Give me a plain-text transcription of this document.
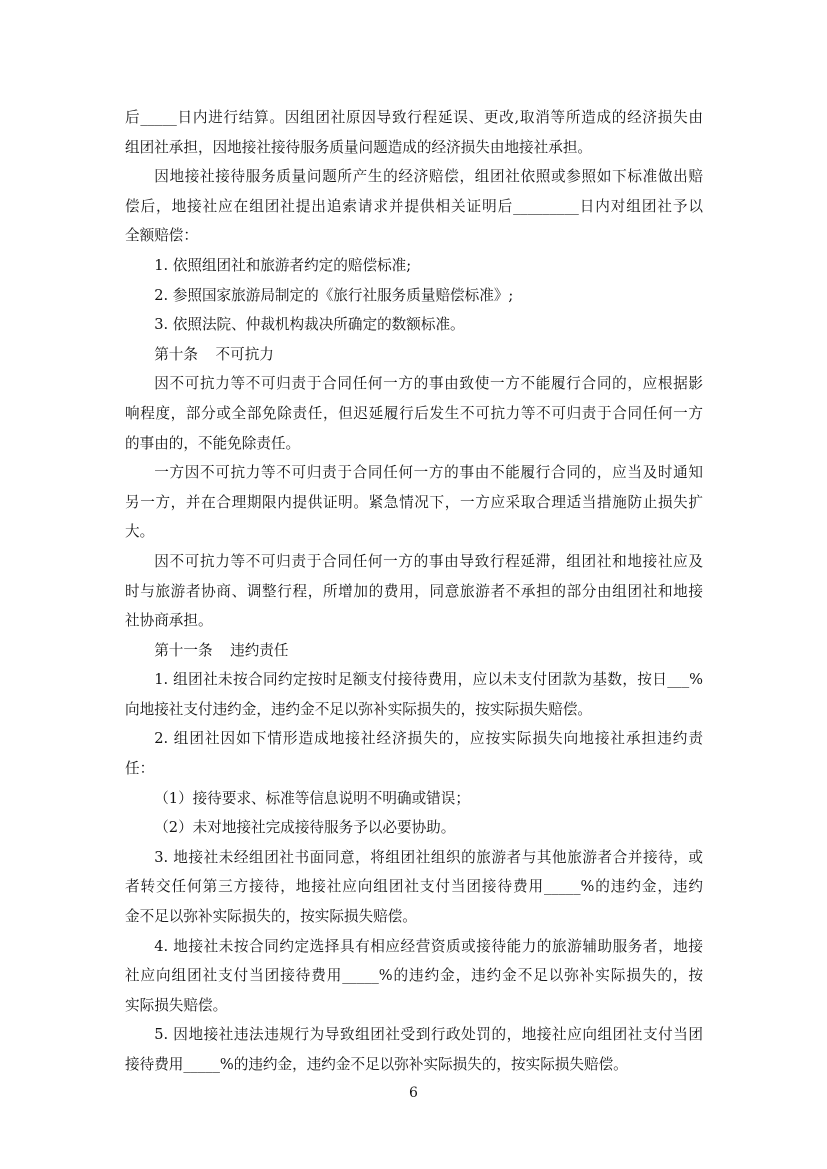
后_____日内进行结算。因组团社原因导致行程延误、更改,取消等所造成的经济损失由

组团社承担，因地接社接待服务质量问题造成的经济损失由地接社承担。

因地接社接待服务质量问题所产生的经济赔偿，组团社依照或参照如下标准做出赔

偿后，地接社应在组团社提出追索请求并提供相关证明后_________日内对组团社予以

全额赔偿：

1. 依照组团社和旅游者约定的赔偿标准;

2. 参照国家旅游局制定的《旅行社服务质量赔偿标准》;

3. 依照法院、仲裁机构裁决所确定的数额标准。

第十条 不可抗力

因不可抗力等不可归责于合同任何一方的事由致使一方不能履行合同的，应根据影

响程度，部分或全部免除责任，但迟延履行后发生不可抗力等不可归责于合同任何一方

的事由的，不能免除责任。

一方因不可抗力等不可归责于合同任何一方的事由不能履行合同的，应当及时通知

另一方，并在合理期限内提供证明。紧急情况下，一方应采取合理适当措施防止损失扩

大。

因不可抗力等不可归责于合同任何一方的事由导致行程延滞，组团社和地接社应及

时与旅游者协商、调整行程，所增加的费用，同意旅游者不承担的部分由组团社和地接

社协商承担。

第十一条 违约责任

1. 组团社未按合同约定按时足额支付接待费用，应以未支付团款为基数，按日___%

向地接社支付违约金，违约金不足以弥补实际损失的，按实际损失赔偿。

2. 组团社因如下情形造成地接社经济损失的，应按实际损失向地接社承担违约责

任：

（1）接待要求、标准等信息说明不明确或错误；

（2）未对地接社完成接待服务予以必要协助。

3. 地接社未经组团社书面同意，将组团社组织的旅游者与其他旅游者合并接待，或

者转交任何第三方接待，地接社应向组团社支付当团接待费用_____%的违约金，违约

金不足以弥补实际损失的，按实际损失赔偿。

4. 地接社未按合同约定选择具有相应经营资质或接待能力的旅游辅助服务者，地接

社应向组团社支付当团接待费用_____%的违约金，违约金不足以弥补实际损失的，按

实际损失赔偿。

5. 因地接社违法违规行为导致组团社受到行政处罚的，地接社应向组团社支付当团

接待费用_____%的违约金，违约金不足以弥补实际损失的，按实际损失赔偿。

6
